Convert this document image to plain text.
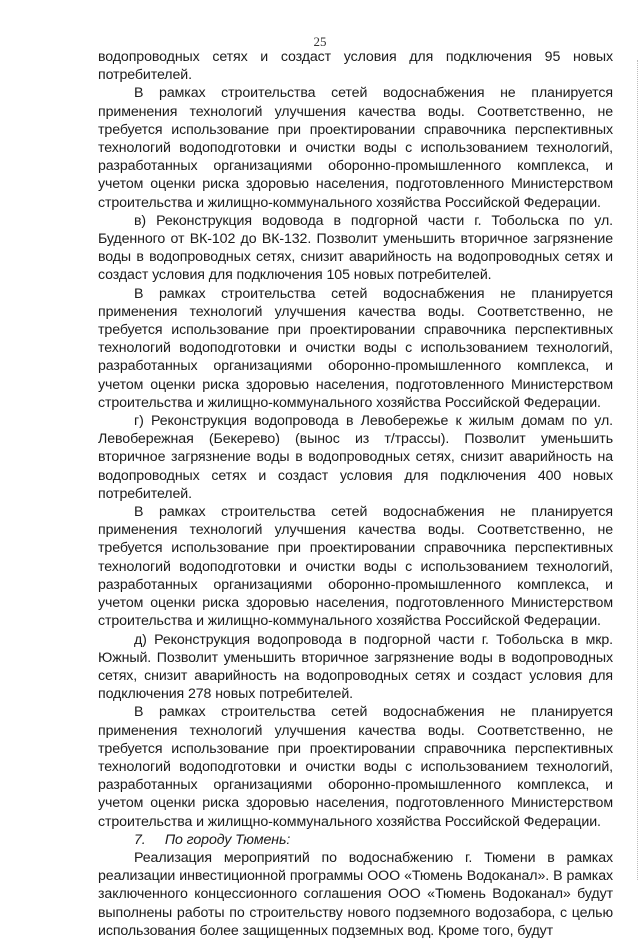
25

водопроводных сетях и создаст условия для подключения 95 новых потребителей.

В рамках строительства сетей водоснабжения не планируется применения технологий улучшения качества воды. Соответственно, не требуется использование при проектировании справочника перспективных технологий водоподготовки и очистки воды с использованием технологий, разработанных организациями оборонно-промышленного комплекса, и учетом оценки риска здоровью населения, подготовленного Министерством строительства и жилищно-коммунального хозяйства Российской Федерации.

в) Реконструкция водовода в подгорной части г. Тобольска по ул. Буденного от ВК-102 до ВК-132. Позволит уменьшить вторичное загрязнение воды в водопроводных сетях, снизит аварийность на водопроводных сетях и создаст условия для подключения 105 новых потребителей.

В рамках строительства сетей водоснабжения не планируется применения технологий улучшения качества воды. Соответственно, не требуется использование при проектировании справочника перспективных технологий водоподготовки и очистки воды с использованием технологий, разработанных организациями оборонно-промышленного комплекса, и учетом оценки риска здоровью населения, подготовленного Министерством строительства и жилищно-коммунального хозяйства Российской Федерации.

г) Реконструкция водопровода в Левобережье к жилым домам по ул. Левобережная (Бекерево) (вынос из т/трассы). Позволит уменьшить вторичное загрязнение воды в водопроводных сетях, снизит аварийность на водопроводных сетях и создаст условия для подключения 400 новых потребителей.

В рамках строительства сетей водоснабжения не планируется применения технологий улучшения качества воды. Соответственно, не требуется использование при проектировании справочника перспективных технологий водоподготовки и очистки воды с использованием технологий, разработанных организациями оборонно-промышленного комплекса, и учетом оценки риска здоровью населения, подготовленного Министерством строительства и жилищно-коммунального хозяйства Российской Федерации.

д) Реконструкция водопровода в подгорной части г. Тобольска в мкр. Южный. Позволит уменьшить вторичное загрязнение воды в водопроводных сетях, снизит аварийность на водопроводных сетях и создаст условия для подключения 278 новых потребителей.

В рамках строительства сетей водоснабжения не планируется применения технологий улучшения качества воды. Соответственно, не требуется использование при проектировании справочника перспективных технологий водоподготовки и очистки воды с использованием технологий, разработанных организациями оборонно-промышленного комплекса, и учетом оценки риска здоровью населения, подготовленного Министерством строительства и жилищно-коммунального хозяйства Российской Федерации.

7.     По городу Тюмень:

Реализация мероприятий по водоснабжению г. Тюмени в рамках реализации инвестиционной программы ООО «Тюмень Водоканал». В рамках заключенного концессионного соглашения ООО «Тюмень Водоканал» будут выполнены работы по строительству нового подземного водозабора, с целью использования более защищенных подземных вод. Кроме того, будут
